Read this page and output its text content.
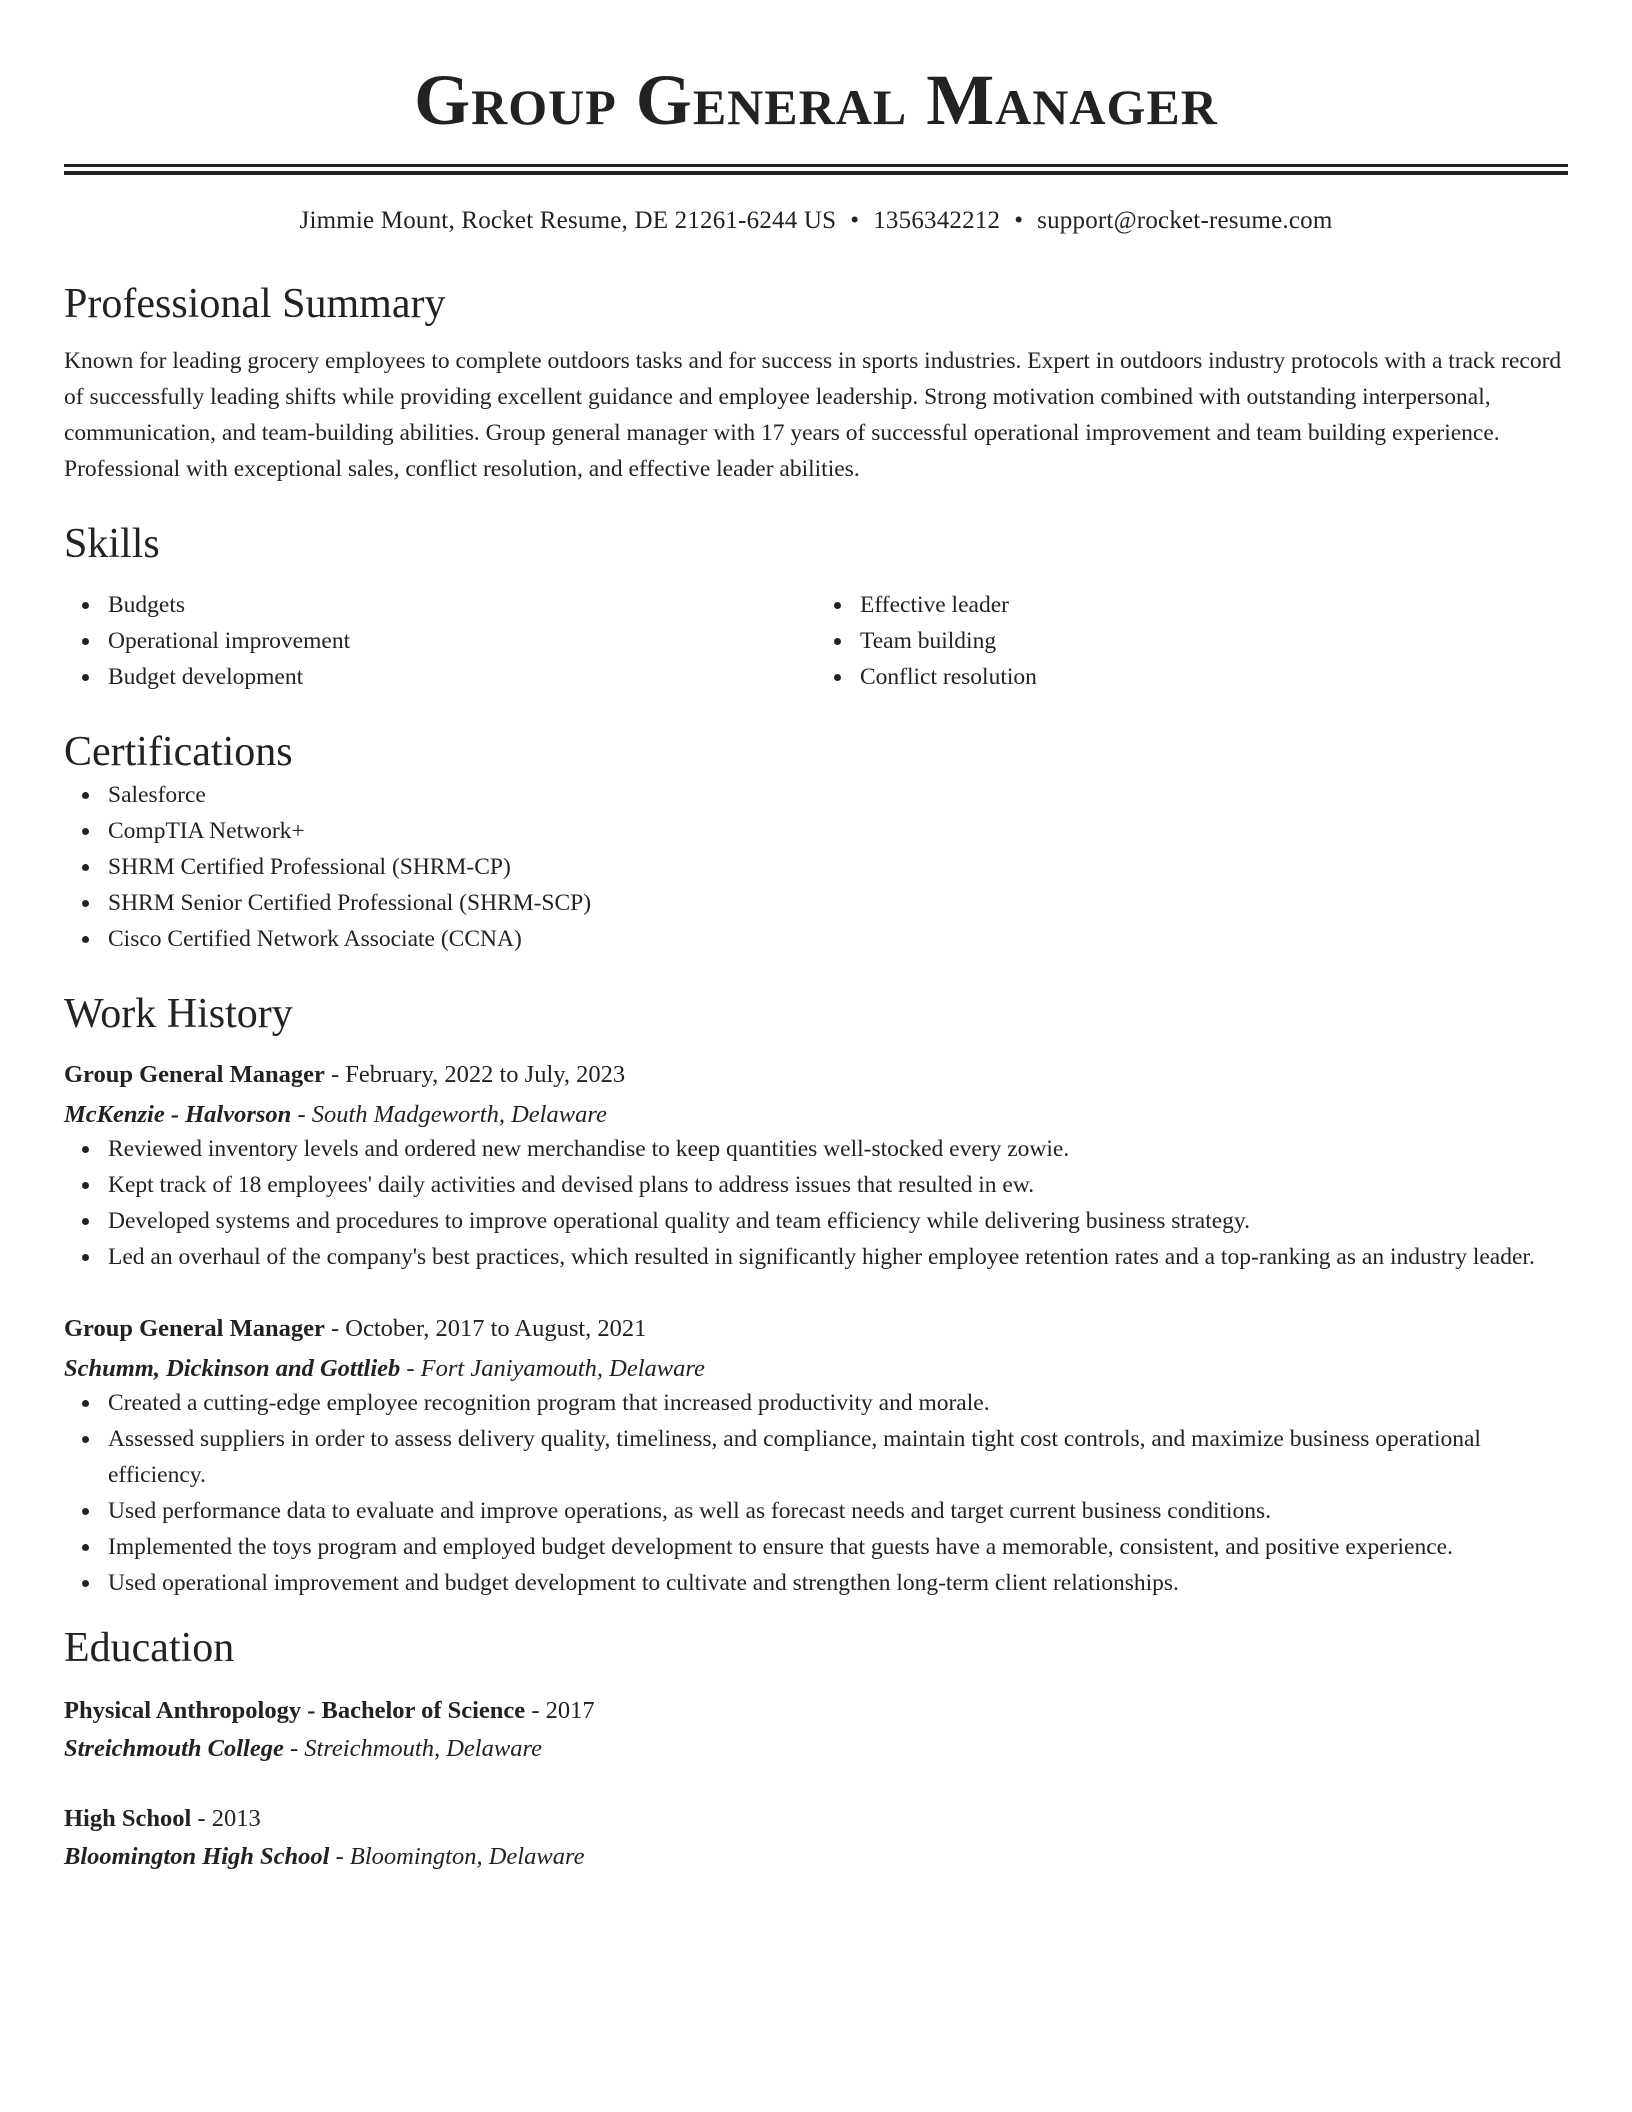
Group General Manager
Jimmie Mount, Rocket Resume, DE 21261-6244 US • 1356342212 • support@rocket-resume.com
Professional Summary

Known for leading grocery employees to complete outdoors tasks and for success in sports industries. Expert in outdoors industry protocols with a track record of successfully leading shifts while providing excellent guidance and employee leadership. Strong motivation combined with outstanding interpersonal, communication, and team-building abilities. Group general manager with 17 years of successful operational improvement and team building experience. Professional with exceptional sales, conflict resolution, and effective leader abilities.

Skills
Budgets
Operational improvement
Budget development
Effective leader
Team building
Conflict resolution
Certifications
Salesforce
CompTIA Network+
SHRM Certified Professional (SHRM-CP)
SHRM Senior Certified Professional (SHRM-SCP)
Cisco Certified Network Associate (CCNA)
Work History
Group General Manager - February, 2022 to July, 2023
McKenzie - Halvorson - South Madgeworth, Delaware
Reviewed inventory levels and ordered new merchandise to keep quantities well-stocked every zowie.
Kept track of 18 employees' daily activities and devised plans to address issues that resulted in ew.
Developed systems and procedures to improve operational quality and team efficiency while delivering business strategy.
Led an overhaul of the company's best practices, which resulted in significantly higher employee retention rates and a top-ranking as an industry leader.
Group General Manager - October, 2017 to August, 2021
Schumm, Dickinson and Gottlieb - Fort Janiyamouth, Delaware
Created a cutting-edge employee recognition program that increased productivity and morale.
Assessed suppliers in order to assess delivery quality, timeliness, and compliance, maintain tight cost controls, and maximize business operational efficiency.
Used performance data to evaluate and improve operations, as well as forecast needs and target current business conditions.
Implemented the toys program and employed budget development to ensure that guests have a memorable, consistent, and positive experience.
Used operational improvement and budget development to cultivate and strengthen long-term client relationships.
Education
Physical Anthropology - Bachelor of Science - 2017
Streichmouth College - Streichmouth, Delaware
High School - 2013
Bloomington High School - Bloomington, Delaware
